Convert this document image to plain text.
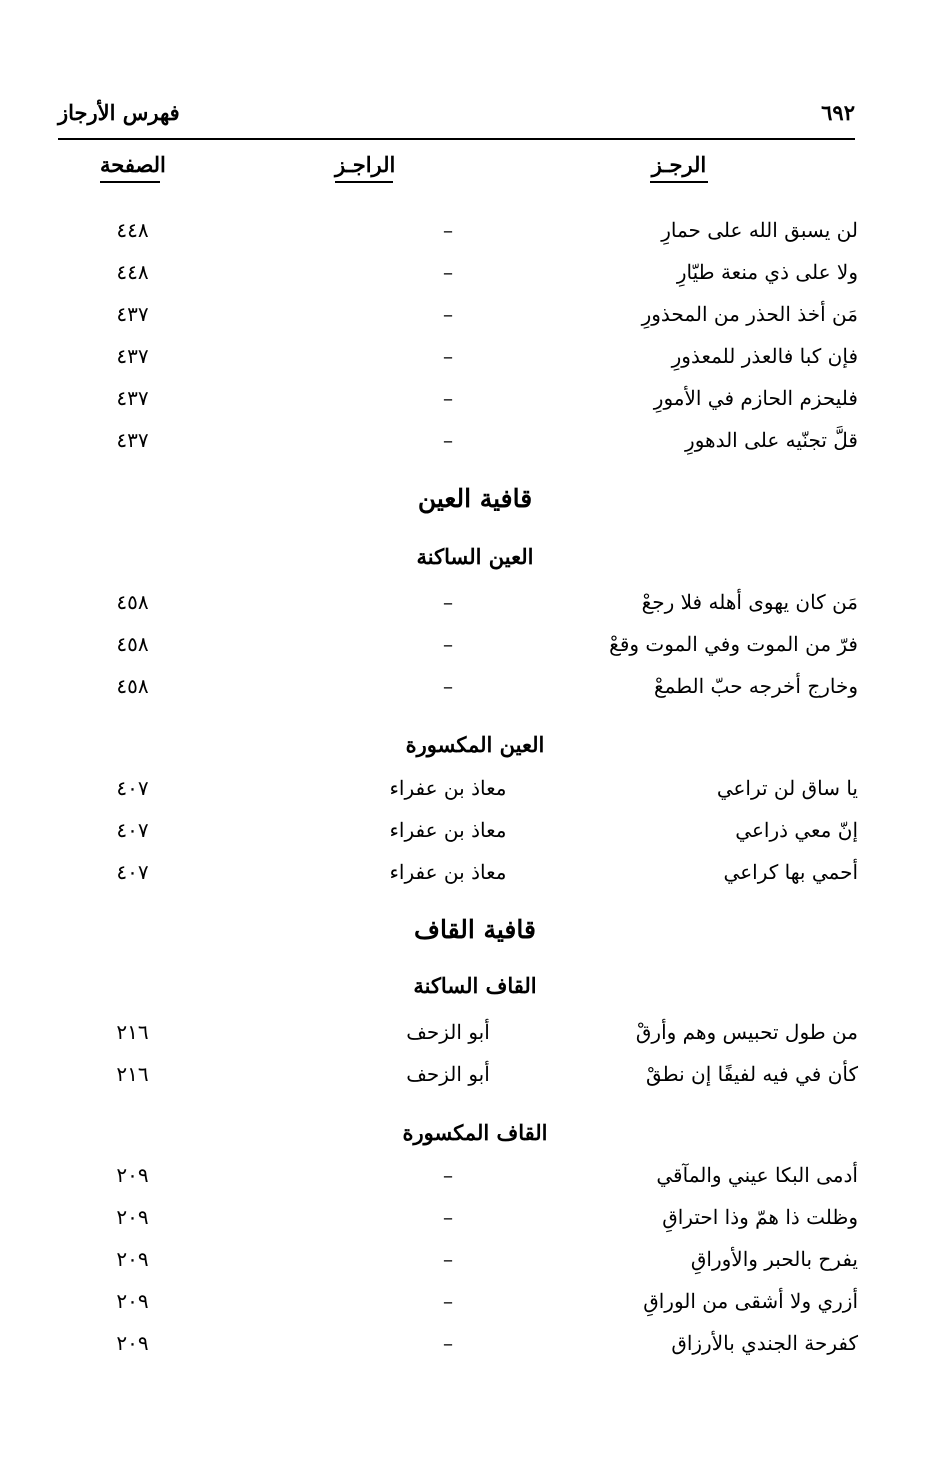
٦٩٢
فهرس الأرجاز
الرجـز
الراجـز
الصفحة
لن يسبق الله على حمارِ
–
٤٤٨
ولا على ذي منعة طيّارِ
–
٤٤٨
مَن أخذ الحذر من المحذورِ
–
٤٣٧
فإن كبا فالعذر للمعذورِ
–
٤٣٧
فليحزم الحازم في الأمورِ
–
٤٣٧
قلَّ تجنّيه على الدهورِ
–
٤٣٧
قافية العين
العين الساكنة
مَن كان يهوى أهله فلا رجعْ
–
٤٥٨
فرّ من الموت وفي الموت وقعْ
–
٤٥٨
وخارج أخرجه حبّ الطمعْ
–
٤٥٨
العين المكسورة
يا ساق لن تراعي
معاذ بن عفراء
٤٠٧
إنّ معي ذراعي
معاذ بن عفراء
٤٠٧
أحمي بها كراعي
معاذ بن عفراء
٤٠٧
قافية القاف
القاف الساكنة
من طول تحبيس وهم وأرقْ
أبو الزحف
٢١٦
كأن في فيه لفيفًا إن نطقْ
أبو الزحف
٢١٦
القاف المكسورة
أدمى البكا عيني والمآقي
–
٢٠٩
وظلت ذا همّ وذا احتراقِ
–
٢٠٩
يفرح بالحبر والأوراقِ
–
٢٠٩
أزري ولا أشقى من الوراقِ
–
٢٠٩
كفرحة الجندي بالأرزاق
–
٢٠٩
